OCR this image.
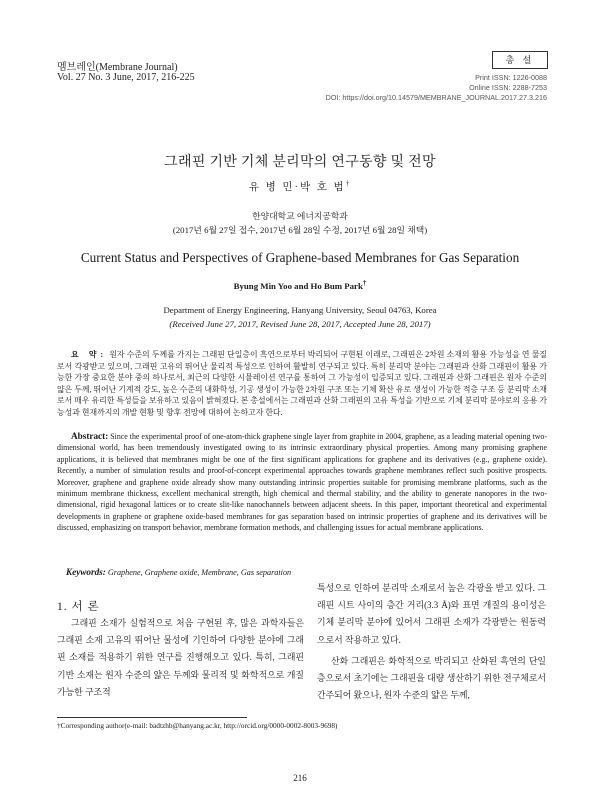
멤브레인(Membrane Journal)
Vol. 27 No. 3 June, 2017, 216-225
총 설
Print ISSN: 1226-0088
Online ISSN: 2288-7253
DOI: https://doi.org/10.14579/MEMBRANE_JOURNAL.2017.27.3.216
그래핀 기반 기체 분리막의 연구동향 및 전망
유 병 민·박 호 범†
한양대학교 에너지공학과
(2017년 6월 27일 접수, 2017년 6월 28일 수정, 2017년 6월 28일 채택)
Current Status and Perspectives of Graphene-based Membranes for Gas Separation
Byung Min Yoo and Ho Bum Park†
Department of Energy Engineering, Hanyang University, Seoul 04763, Korea
(Received June 27, 2017, Revised June 28, 2017, Accepted June 28, 2017)
요 약: 원자 수준의 두께를 가지는 그래핀 단일층이 흑연으로부터 박리되어 구현된 이래로, 그래핀은 2차원 소재의 활용 가능성을 연 물질로서 각광받고 있으며, 그래핀 고유의 뛰어난 물리적 특성으로 인하여 활발히 연구되고 있다. 특히 분리막 분야는 그래핀과 산화 그래핀이 활용 가능한 가장 중요한 분야 중의 하나로서, 최근의 다양한 시뮬레이션 연구를 통하여 그 가능성이 입증되고 있다. 그래핀과 산화 그래핀은 원자 수준의 얇은 두께, 뛰어난 기계적 강도, 높은 수준의 내화학성, 기공 생성이 가능한 2차원 구조 또는 기체 확산 유로 생성이 가능한 적층 구조 등 분리막 소재로서 매우 유리한 특성들을 보유하고 있음이 밝혀졌다. 본 총설에서는 그래핀과 산화 그래핀의 고유 특성을 기반으로 기체 분리막 분야로의 응용 가능성과 현재까지의 개발 현황 및 향후 전망에 대하여 논하고자 한다.
Abstract: Since the experimental proof of one-atom-thick graphene single layer from graphite in 2004, graphene, as a leading material opening two-dimensional world, has been tremendously investigated owing to its intrinsic extraordinary physical properties. Among many promising graphene applications, it is believed that membranes might be one of the first significant applications for graphene and its derivatives (e.g., graphene oxide). Recently, a number of simulation results and proof-of-concept experimental approaches towards graphene membranes reflect such positive prospects. Moreover, graphene and graphene oxide already show many outstanding intrinsic properties suitable for promising membrane platforms, such as the minimum membrane thickness, excellent mechanical strength, high chemical and thermal stability, and the ability to generate nanopores in the two-dimensional, rigid hexagonal lattices or to create slit-like nanochannels between adjacent sheets. In this paper, important theoretical and experimental developments in graphene or graphene oxide-based membranes for gas separation based on intrinsic properties of graphene and its derivatives will be discussed, emphasizing on transport behavior, membrane formation methods, and challenging issues for actual membrane applications.
Keywords: Graphene, Graphene oxide, Membrane, Gas separation
1. 서 론

그래핀 소재가 실험적으로 처음 구현된 후, 많은 과학자들은 그래핀 소재 고유의 뛰어난 물성에 기인하여 다양한 분야에 그래핀 소재를 적용하기 위한 연구를 진행해오고 있다. 특히, 그래핀 기반 소재는 원자 수준의 얇은 두께와 물리적 및 화학적으로 개질 가능한 구조적

특성으로 인하여 분리막 소재로서 높은 각광을 받고 있다. 그래핀 시트 사이의 층간 거리(3.3 Å)와 표면 개질의 용이성은 기체 분리막 분야에 있어서 그래핀 소재가 각광받는 원동력으로서 작용하고 있다.

산화 그래핀은 화학적으로 박리되고 산화된 흑연의 단일층으로서 초기에는 그래핀을 대량 생산하기 위한 전구체로서 간주되어 왔으나, 원자 수준의 얇은 두께,

†Corresponding author(e-mail: badtzhb@hanyang.ac.kr, http://orcid.org/0000-0002-8003-9698)
216
